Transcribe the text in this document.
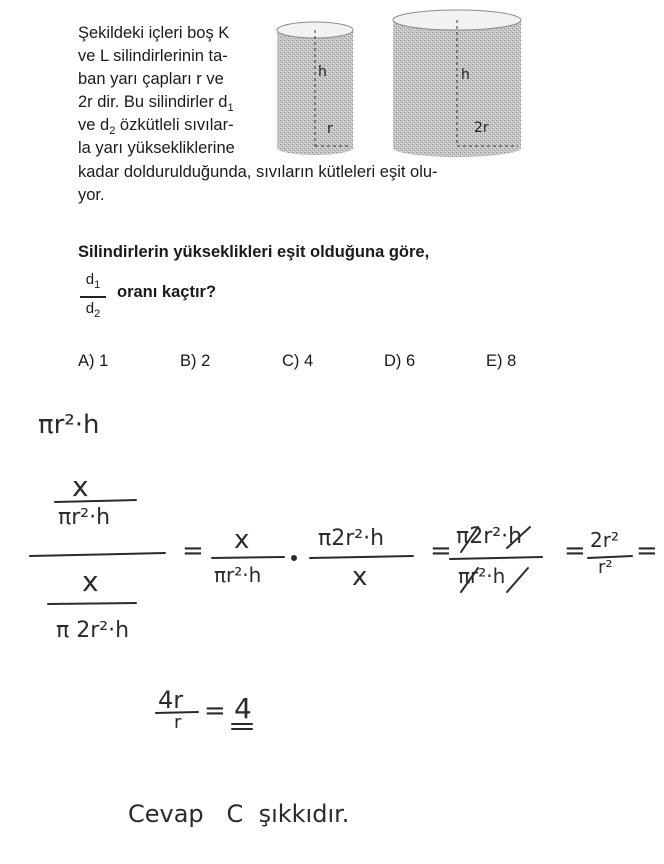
Şekildeki içleri boş K
ve L silindirlerinin ta-
ban yarı çapları r ve
2r dir. Bu silindirler $d_1$
ve $d_2$ özkütleli sıvılar-
la yarı yüksekliklerine
kadar doldurulduğunda, sıvıların kütleleri eşit olu-
yor.
h
r
h
2r
Silindirlerin yükseklikleri eşit olduğuna göre,
$d_1$
$d_2$
oranı kaçtır?
A) 1	B) 2	C) 4	D) 6	E) 8
πr²·h
x
πr²·h
x
π 2r²·h
= x
πr²·h
π2r²·h
x
= π2r²·h
πr²·h
= 2r²
r²
=
4r
r = 4
Cevap   C  şıkkıdır.
